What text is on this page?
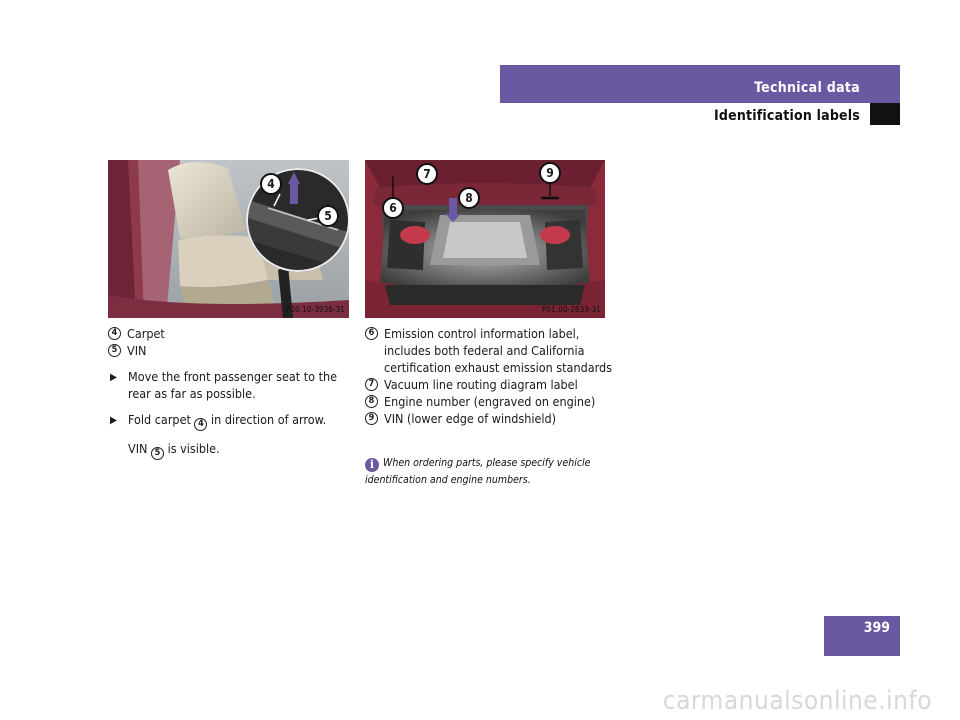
Technical data
Identification labels
4
5
P00.10-3936-31
6
7
8
9
P01.00-2833-31
4 Carpet
5 VIN
▶ Move the front passenger seat to the rear as far as possible.
▶ Fold carpet 4 in direction of arrow.
VIN 5 is visible.
6 Emission control information label, includes both federal and California certification exhaust emission standards
7 Vacuum line routing diagram label
8 Engine number (engraved on engine)
9 VIN (lower edge of windshield)
i When ordering parts, please specify vehicle identification and engine numbers.
399
carmanualsonline.info
